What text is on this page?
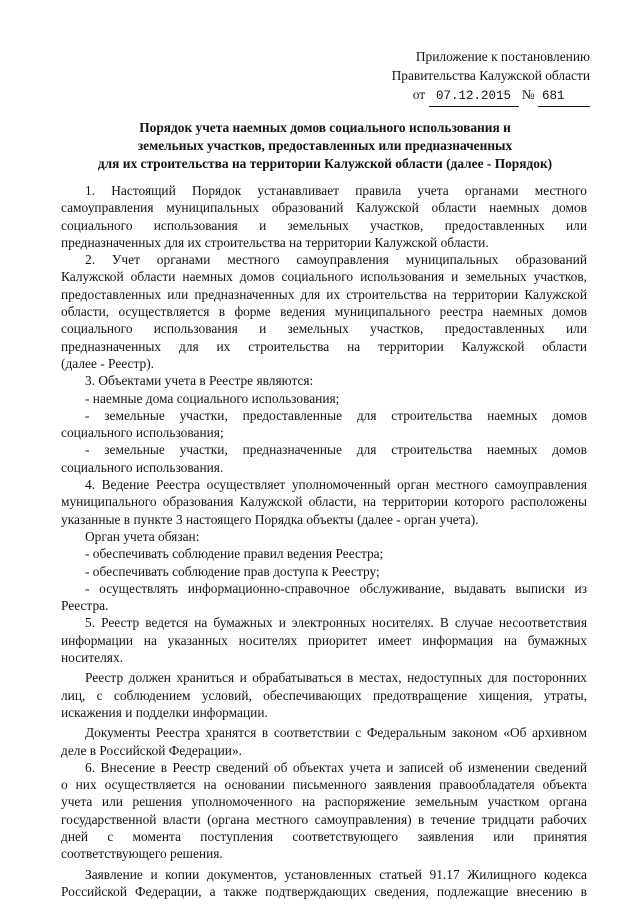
Приложение к постановлению
Правительства Калужской области
от 07.12.2015 № 681
Порядок учета наемных домов социального использования и
земельных участков, предоставленных или предназначенных
для их строительства на территории Калужской области (далее - Порядок)
1. Настоящий Порядок устанавливает правила учета органами местного
самоуправления муниципальных образований Калужской области наемных домов
социального использования и земельных участков, предоставленных или
предназначенных для их строительства на территории Калужской области.
2. Учет органами местного самоуправления муниципальных образований
Калужской области наемных домов социального использования и земельных участков,
предоставленных или предназначенных для их строительства на территории Калужской
области, осуществляется в форме ведения муниципального реестра наемных домов
социального использования и земельных участков, предоставленных или
предназначенных для их строительства на территории Калужской области
(далее - Реестр).
3. Объектами учета в Реестре являются:
- наемные дома социального использования;
- земельные участки, предоставленные для строительства наемных домов
социального использования;
- земельные участки, предназначенные для строительства наемных домов
социального использования.
4. Ведение Реестра осуществляет уполномоченный орган местного самоуправления
муниципального образования Калужской области, на территории которого расположены
указанные в пункте 3 настоящего Порядка объекты (далее - орган учета).
Орган учета обязан:
- обеспечивать соблюдение правил ведения Реестра;
- обеспечивать соблюдение прав доступа к Реестру;
- осуществлять информационно-справочное обслуживание, выдавать выписки из
Реестра.
5. Реестр ведется на бумажных и электронных носителях. В случае несоответствия
информации на указанных носителях приоритет имеет информация на бумажных
носителях.
Реестр должен храниться и обрабатываться в местах, недоступных для посторонних
лиц, с соблюдением условий, обеспечивающих предотвращение хищения, утраты,
искажения и подделки информации.
Документы Реестра хранятся в соответствии с Федеральным законом «Об архивном
деле в Российской Федерации».
6. Внесение в Реестр сведений об объектах учета и записей об изменении сведений
о них осуществляется на основании письменного заявления правообладателя объекта
учета или решения уполномоченного на распоряжение земельным участком органа
государственной власти (органа местного самоуправления) в течение тридцати рабочих
дней с момента поступления соответствующего заявления или принятия
соответствующего решения.
Заявление и копии документов, установленных статьей 91.17 Жилищного кодекса
Российской Федерации, а также подтверждающих сведения, подлежащие внесению в
